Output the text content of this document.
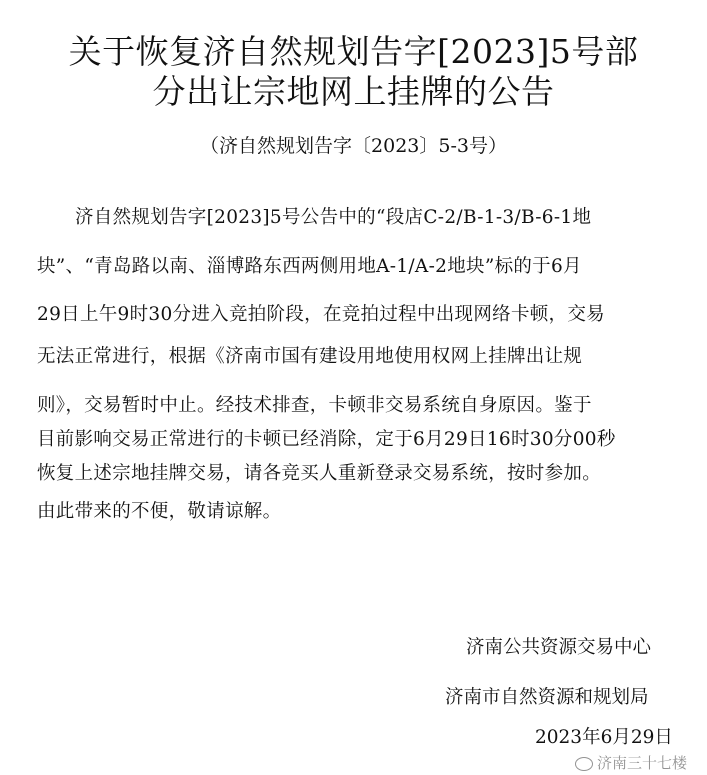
关于恢复济自然规划告字[2023]5号部
分出让宗地网上挂牌的公告
（济自然规划告字〔2023〕5-3号）
济自然规划告字[2023]5号公告中的“段店C-2/B-1-3/B-6-1地
块”、“青岛路以南、淄博路东西两侧用地A-1/A-2地块”标的于6月
29日上午9时30分进入竞拍阶段，在竞拍过程中出现网络卡顿，交易
无法正常进行，根据《济南市国有建设用地使用权网上挂牌出让规
则》，交易暂时中止。经技术排查，卡顿非交易系统自身原因。鉴于
目前影响交易正常进行的卡顿已经消除，定于6月29日16时30分00秒
恢复上述宗地挂牌交易，请各竞买人重新登录交易系统，按时参加。
由此带来的不便，敬请谅解。
济南公共资源交易中心
济南市自然资源和规划局
2023年6月29日
济南三十七楼
